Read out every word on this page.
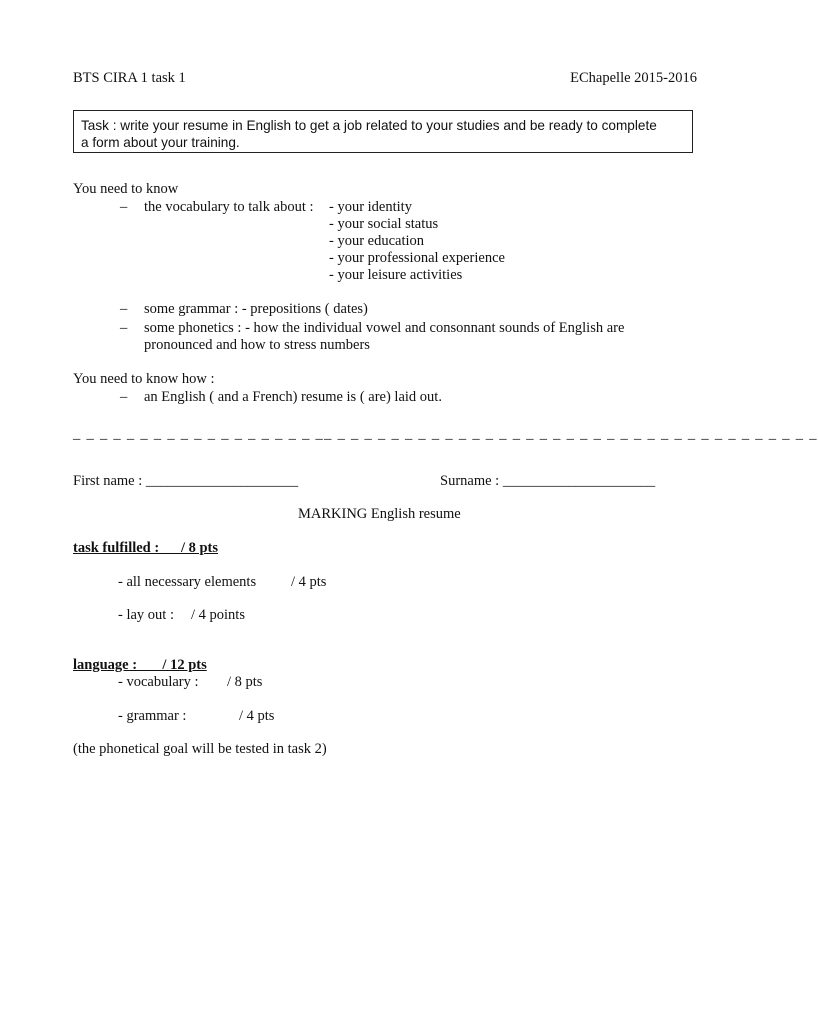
BTS CIRA 1 task 1	EChapelle 2015-2016
Task : write your resume in English to get a job related to your studies and be ready to complete
a form about your training.
You need to know
– the vocabulary to talk about : - your identity
- your social status
- your education
- your professional experience
- your leisure activities
– some grammar : - prepositions ( dates)
– some phonetics : - how the individual vowel and consonnant sounds of English are
pronounced and how to stress numbers
You need to know how :
– an English ( and a French) resume is ( are) laid out.
_ _ _ _ _ _ _ _ _ _ _ _ _ _ _ _ _ _ __ _ _ _ _ _ _ _ _ _ _ _ _ _ _ _ _ _ _ _ _ _ _ _ _ _ _ _ _ _ _ _ _ _ _ _ _
First name : _____________________	Surname : _____________________
MARKING English resume
task fulfilled :      / 8 pts
- all necessary elements / 4 pts
- lay out : / 4 points
language :       / 12 pts
- vocabulary : / 8 pts
- grammar :	/ 4 pts
(the phonetical goal will be tested in task 2)
